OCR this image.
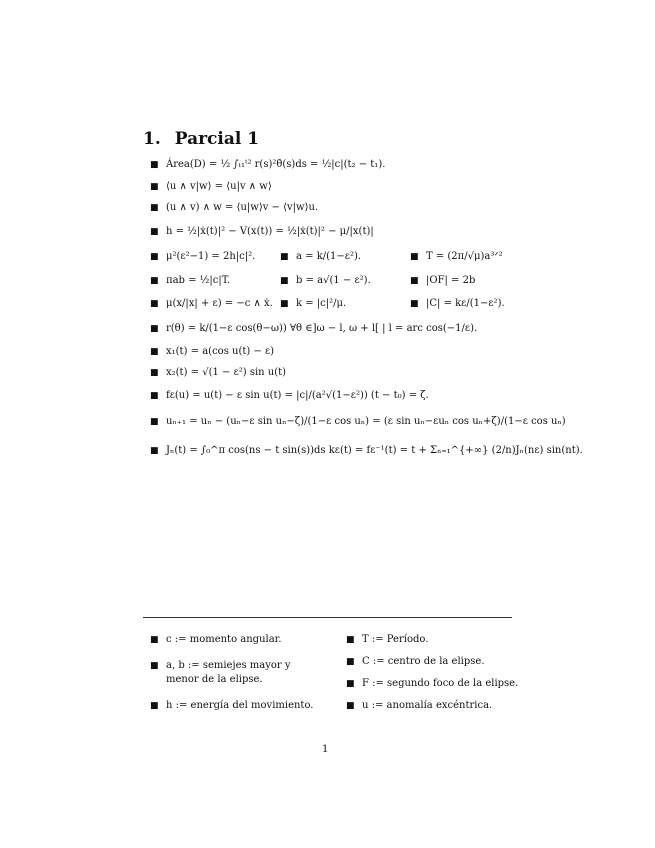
1. Parcial 1
■ Área(D) = ½ ∫ₜ₁ᵗ² r(s)²θ̇(s)ds = ½|c|(t₂ − t₁).
■ ⟨u ∧ v|w⟩ = ⟨u|v ∧ w⟩
■ (u ∧ v) ∧ w = ⟨u|w⟩v − ⟨v|w⟩u.
■ h = ½|ẋ(t)|² − V(x(t)) = ½|ẋ(t)|² − μ/|x(t)|
■ μ²(ε²−1) = 2h|c|².	■ a = k/(1−ε²).	■ T = (2π/√μ)a³ᐟ²
■ πab = ½|c|T.	■ b = a√(1 − ε²).	■ |OF| = 2b
■ μ(x/|x| + ε) = −c ∧ ẋ. ■ k = |c|²/μ.	■ |C| = kε/(1−ε²).
■ r(θ) = k/(1−ε cos(θ−ω)) ∀θ ∈]ω − l, ω + l[ | l = arc cos(−1/ε).
■ x₁(t) = a(cos u(t) − ε)
■ x₂(t) = √(1 − ε²) sin u(t)
■ fε(u) = u(t) − ε sin u(t) = |c|/(a²√(1−ε²)) (t − t₀) = ζ.
■ uₙ₊₁ = uₙ − (uₙ−ε sin uₙ−ζ)/(1−ε cos uₙ) = (ε sin uₙ−εuₙ cos uₙ+ζ)/(1−ε cos uₙ)
■ Jₙ(t) = ∫₀^π cos(ns − t sin(s))ds kε(t) = fε⁻¹(t) = t + Σₙ₌₁^{+∞} (2/n)Jₙ(nε) sin(nt).
■ c := momento angular.
■ a, b := semiejes mayor y menor de la elipse.
■ h := energía del movimiento.
■ T := Período.
■ C := centro de la elipse.
■ F := segundo foco de la elipse.
■ u := anomalía excéntrica.
1
